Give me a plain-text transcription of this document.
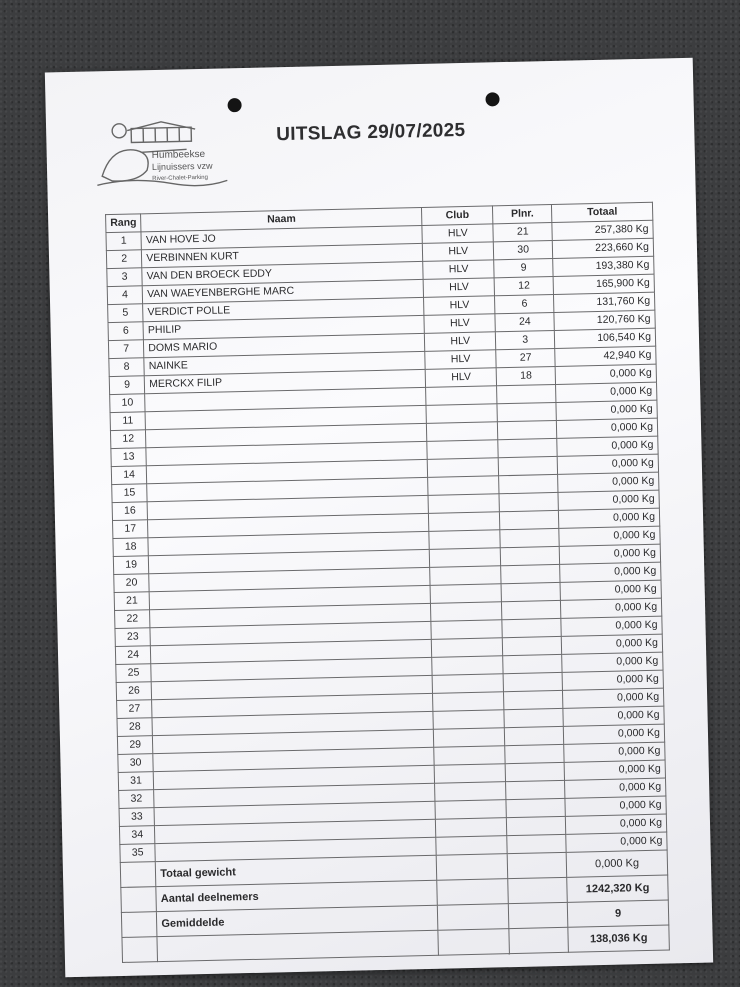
Humbeekse
Lijnuissers vzw
River-Chalet-Parking
UITSLAG 29/07/2025
Rang	Naam	Club	Plnr.	Totaal
1	VAN HOVE JO	HLV	21	257,380 Kg
2	VERBINNEN KURT	HLV	30	223,660 Kg
3	VAN DEN BROECK EDDY	HLV	9	193,380 Kg
4	VAN WAEYENBERGHE MARC	HLV	12	165,900 Kg
5	VERDICT POLLE	HLV	6	131,760 Kg
6	PHILIP	HLV	24	120,760 Kg
7	DOMS MARIO	HLV	3	106,540 Kg
8	NAINKE	HLV	27	42,940 Kg
9	MERCKX FILIP	HLV	18	0,000 Kg
10				0,000 Kg
11				0,000 Kg
12				0,000 Kg
13				0,000 Kg
14				0,000 Kg
15				0,000 Kg
16				0,000 Kg
17				0,000 Kg
18				0,000 Kg
19				0,000 Kg
20				0,000 Kg
21				0,000 Kg
22				0,000 Kg
23				0,000 Kg
24				0,000 Kg
25				0,000 Kg
26				0,000 Kg
27				0,000 Kg
28				0,000 Kg
29				0,000 Kg
30				0,000 Kg
31				0,000 Kg
32				0,000 Kg
33				0,000 Kg
34				0,000 Kg
35				0,000 Kg
	Totaal gewicht			0,000 Kg
	Aantal deelnemers			1242,320 Kg
	Gemiddelde			9
				138,036 Kg
